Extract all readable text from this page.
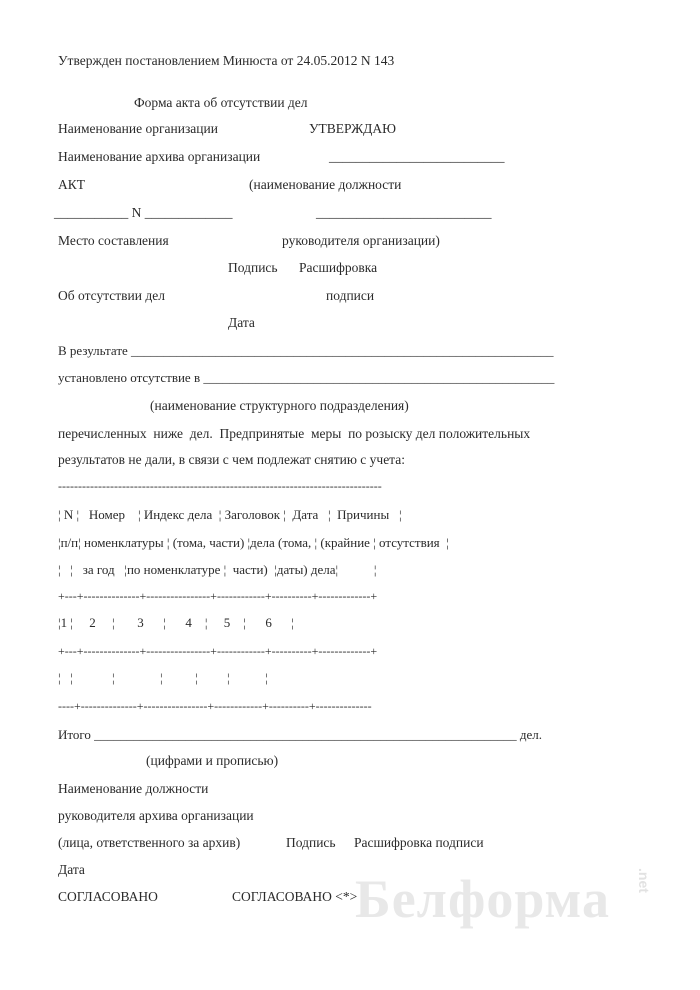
Утвержден постановлением Минюста от 24.05.2012 N 143
Форма акта об отсутствии дел
Наименование организации
Наименование архива организации
АКТ
___________ N _____________
Место составления
Об отсутствии дел
УТВЕРЖДАЮ
__________________________
(наименование должности
__________________________
руководителя организации)
Подпись Расшифровка
подписи
Дата
В результате _________________________________________________________________
установлено отсутствие в ______________________________________________________
(наименование структурного подразделения)
перечисленных  ниже  дел.  Предпринятые  меры  по розыску дел положительных
результатов не дали, в связи с чем подлежат снятию с учета:
---------------------------------------------------------------------------------
¦ N ¦   Номер    ¦ Индекс дела  ¦ Заголовок ¦  Дата   ¦  Причины   ¦
¦п/п¦ номенклатуры ¦ (тома, части) ¦дела (тома, ¦ (крайние ¦ отсутствия  ¦
¦   ¦   за год   ¦по номенклатуре ¦  части)  ¦даты) дела¦           ¦
+---+--------------+----------------+------------+----------+-------------+
¦1 ¦     2     ¦       3      ¦      4    ¦     5    ¦      6      ¦
+---+--------------+----------------+------------+----------+-------------+
¦   ¦            ¦              ¦          ¦         ¦           ¦
----+--------------+----------------+------------+----------+--------------
Итого _________________________________________________________________ дел.
(цифрами и прописью)
Наименование должности
руководителя архива организации
(лица, ответственного за архив)	Подпись Расшифровка подписи
Дата
СОГЛАСОВАНО	СОГЛАСОВАНО <*>
Белформа .net
